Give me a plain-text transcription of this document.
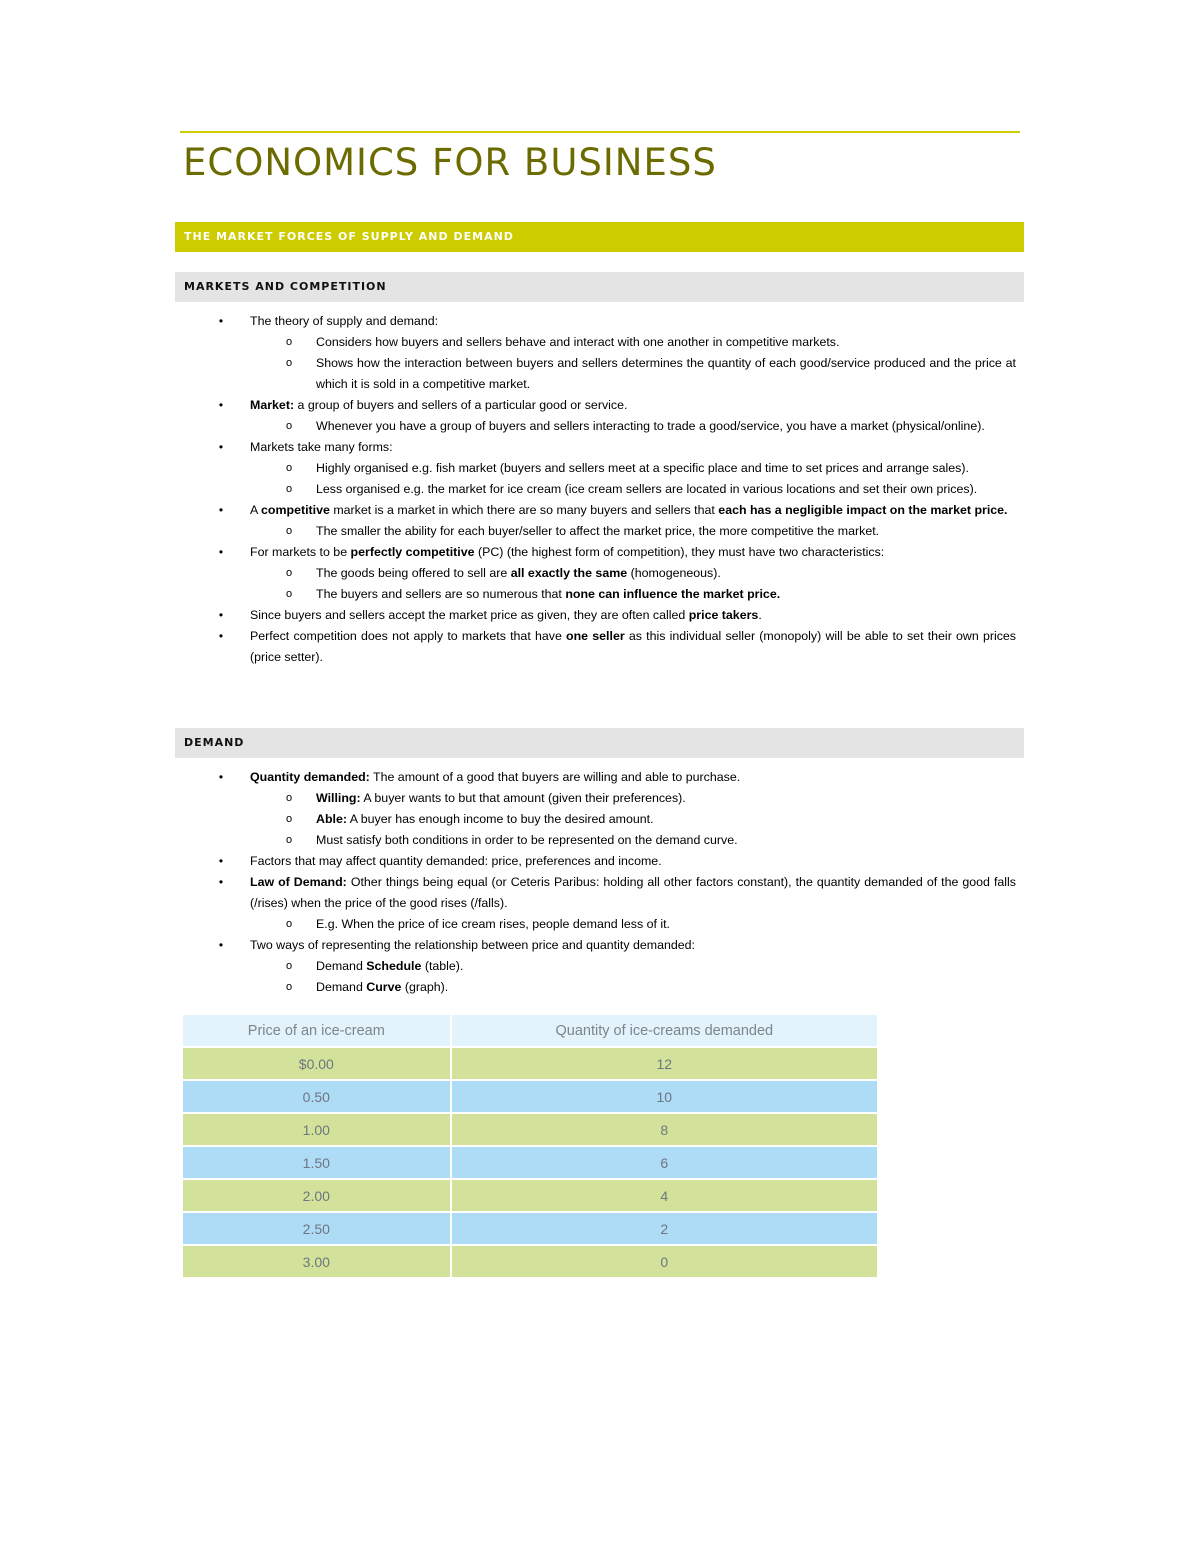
ECONOMICS FOR BUSINESS
THE MARKET FORCES OF SUPPLY AND DEMAND
MARKETS AND COMPETITION
•	The theory of supply and demand:
o Considers how buyers and sellers behave and interact with one another in competitive markets.
o Shows how the interaction between buyers and sellers determines the quantity of each good/service produced and the price at which it is sold in a competitive market.
•	Market: a group of buyers and sellers of a particular good or service.
o Whenever you have a group of buyers and sellers interacting to trade a good/service, you have a market (physical/online).
•	Markets take many forms:
o Highly organised e.g. fish market (buyers and sellers meet at a specific place and time to set prices and arrange sales).
o Less organised e.g. the market for ice cream (ice cream sellers are located in various locations and set their own prices).
•	A competitive market is a market in which there are so many buyers and sellers that each has a negligible impact on the market price.
o The smaller the ability for each buyer/seller to affect the market price, the more competitive the market.
•	For markets to be perfectly competitive (PC) (the highest form of competition), they must have two characteristics:
o The goods being offered to sell are all exactly the same (homogeneous).
o The buyers and sellers are so numerous that none can influence the market price.
•	Since buyers and sellers accept the market price as given, they are often called price takers.
•	Perfect competition does not apply to markets that have one seller as this individual seller (monopoly) will be able to set their own prices (price setter).
DEMAND
•	Quantity demanded: The amount of a good that buyers are willing and able to purchase.
o Willing: A buyer wants to but that amount (given their preferences).
o Able: A buyer has enough income to buy the desired amount.
o Must satisfy both conditions in order to be represented on the demand curve.
•	Factors that may affect quantity demanded: price, preferences and income.
•	Law of Demand: Other things being equal (or Ceteris Paribus: holding all other factors constant), the quantity demanded of the good falls (/rises) when the price of the good rises (/falls).
o E.g. When the price of ice cream rises, people demand less of it.
•	Two ways of representing the relationship between price and quantity demanded:
o Demand Schedule (table).
o Demand Curve (graph).
Price of an ice-cream	Quantity of ice-creams demanded
$0.00	12
0.50	10
1.00	8
1.50	6
2.00	4
2.50	2
3.00	0
